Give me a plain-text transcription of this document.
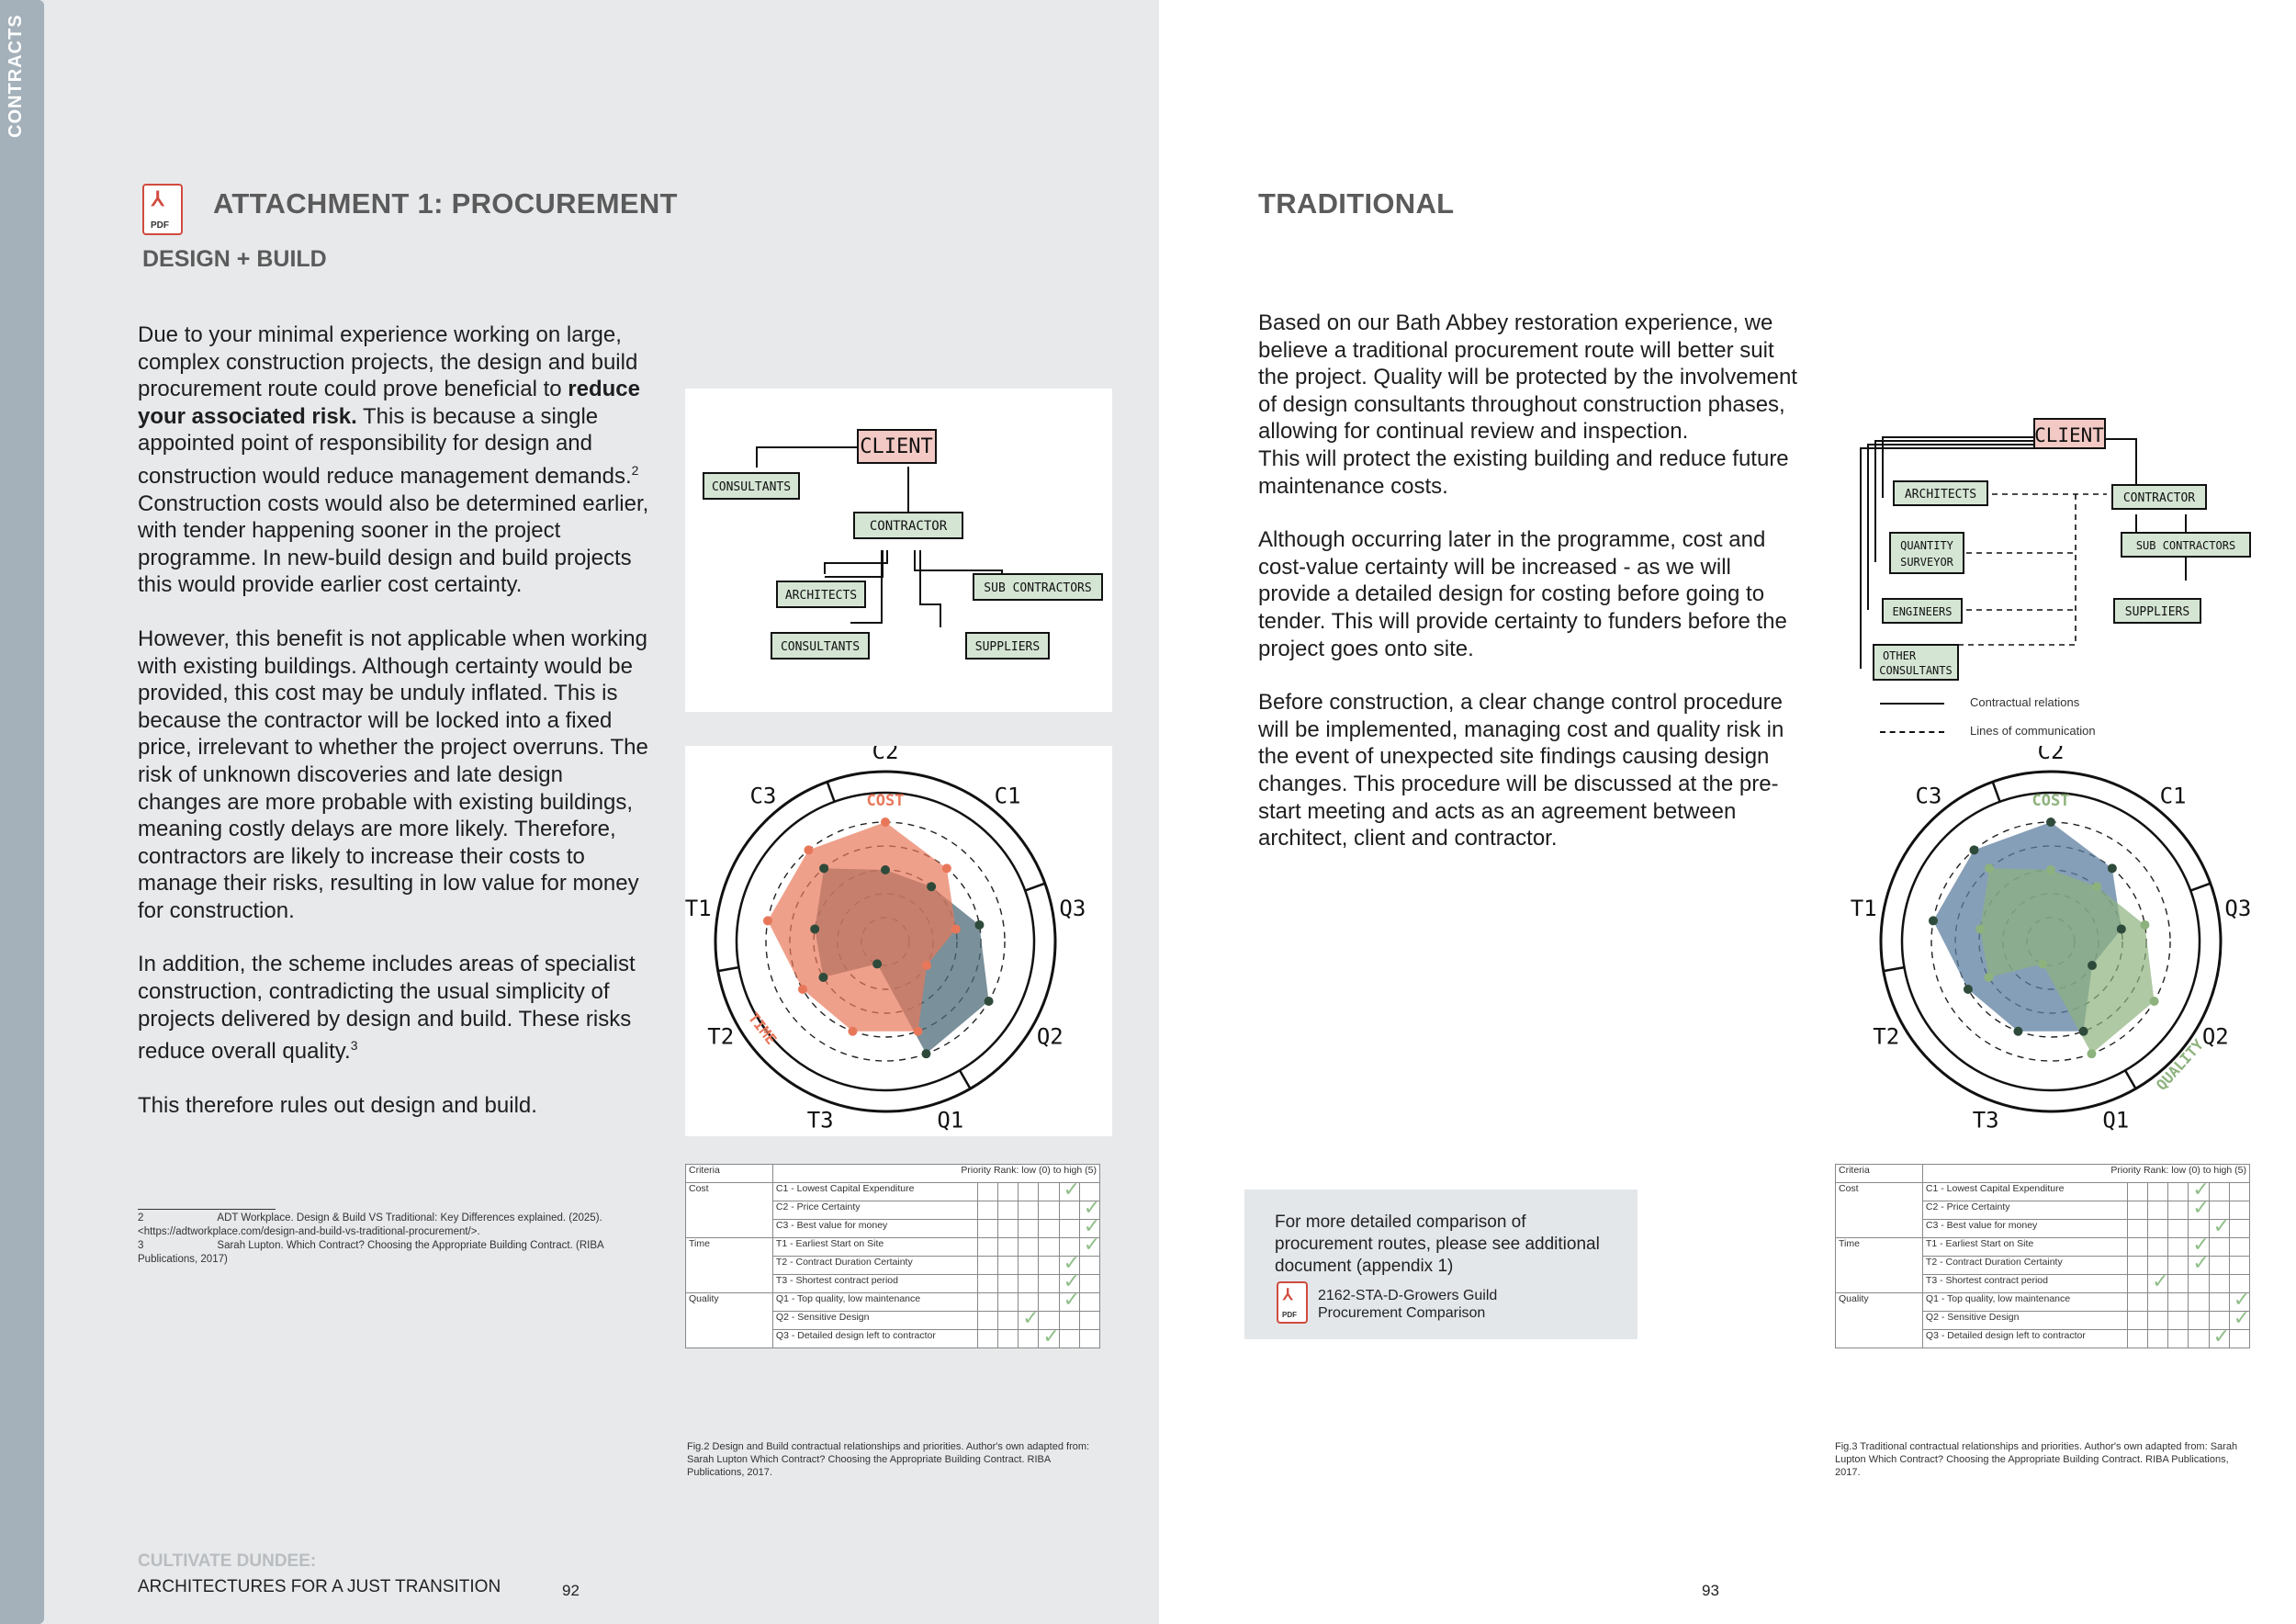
CONTRACTS
⅄
PDF
ATTACHMENT 1: PROCUREMENT
DESIGN + BUILD

Due to your minimal experience working on large, complex construction projects, the design and build procurement route could prove beneficial to reduce your associated risk. This is because a single appointed point of responsibility for design and construction would reduce management demands.$^2$ Construction costs would also be determined earlier, with tender happening sooner in the project programme. In new-build design and build projects this would provide earlier cost certainty.

However, this benefit is not applicable when working with existing buildings. Although certainty would be provided, this cost may be unduly inflated. This is because the contractor will be locked into a fixed price, irrelevant to whether the project overruns. The risk of unknown discoveries and late design changes are more probable with existing buildings, meaning costly delays are more likely. Therefore, contractors are likely to increase their costs to manage their risks, resulting in low value for money for construction.

In addition, the scheme includes areas of specialist construction, contradicting the usual simplicity of projects delivered by design and build. These risks reduce overall quality.$^3$

This therefore rules out design and build.

2	ADT Workplace. Design & Build VS Traditional: Key Differences explained. (2025). <https://adtworkplace.com/design-and-build-vs-traditional-procurement/>.
3	Sarah Lupton. Which Contract? Choosing the Appropriate Building Contract. (RIBA Publications, 2017)
CLIENT
CONSULTANTS
CONTRACTOR
ARCHITECTS
SUB CONTRACTORS
CONSULTANTS	SUPPLIERS
C2
C1
Q3
Q2
Q1
T3
T2
T1
C3	COST
TIME
Criteria	Priority Rank: low (0) to high (5)						
Cost	C1 - Lowest Capital Expenditure					✓	

	C2 - Price Certainty						✓

	C3 - Best value for money						✓

Time	T1 - Earliest Start on Site						✓

	T2 - Contract Duration Certainty					✓	

	T3 - Shortest contract period					✓	

Quality	Q1 - Top quality, low maintenance					✓	

	Q2 - Sensitive Design			✓			

	Q3 - Detailed design left to contractor				✓		

Fig.2 Design and Build contractual relationships and priorities. Author's own adapted from: Sarah Lupton Which Contract? Choosing the Appropriate Building Contract. RIBA Publications, 2017.
CULTIVATE DUNDEE:
ARCHITECTURES FOR A JUST TRANSITION	92
TRADITIONAL

Based on our Bath Abbey restoration experience, we believe a traditional procurement route will better suit the project. Quality will be protected by the involvement of design consultants throughout construction phases, allowing for continual review and inspection.

This will protect the existing building and reduce future maintenance costs.

Although occurring later in the programme, cost and cost-value certainty will be increased - as we will provide a detailed design for costing before going to tender. This will provide certainty to funders before the project goes onto site.

Before construction, a clear change control procedure will be implemented, managing cost and quality risk in the event of unexpected site findings causing design changes. This procedure will be discussed at the pre-start meeting and acts as an agreement between architect, client and contractor.

For more detailed comparison of procurement routes, please see additional document (appendix 1)
⅄
PDF
2162-STA-D-Growers Guild Procurement Comparison
CLIENT
ARCHITECTS	CONTRACTOR
QUANTITY
SURVEYOR
SUB CONTRACTORS
ENGINEERS	SUPPLIERS
OTHER
CONSULTANTS
Contractual relations
Lines of communication
C2
C1
Q3
Q2
Q1
T3
T2
T1
C3	COST
QUALITY
Criteria	Priority Rank: low (0) to high (5)						
Cost	C1 - Lowest Capital Expenditure				✓		

	C2 - Price Certainty				✓		

	C3 - Best value for money					✓	

Time	T1 - Earliest Start on Site				✓		

	T2 - Contract Duration Certainty				✓		

	T3 - Shortest contract period		✓				

Quality	Q1 - Top quality, low maintenance						✓

	Q2 - Sensitive Design						✓

	Q3 - Detailed design left to contractor					✓	

Fig.3 Traditional contractual relationships and priorities. Author's own adapted from: Sarah Lupton Which Contract? Choosing the Appropriate Building Contract. RIBA Publications, 2017.
93
